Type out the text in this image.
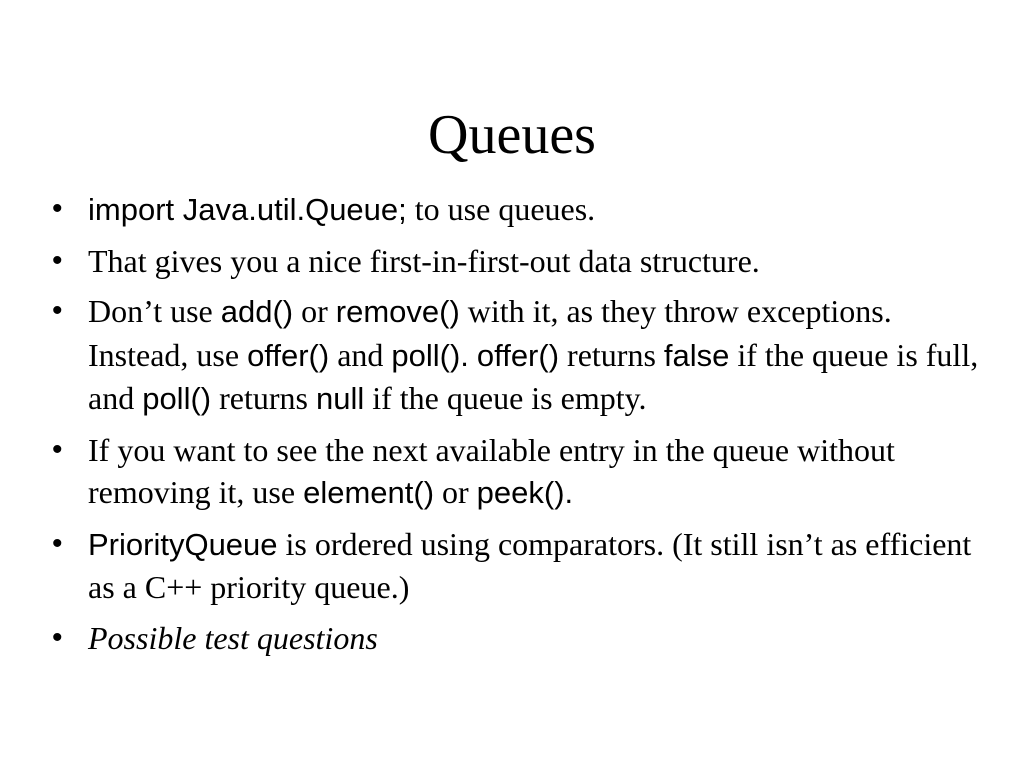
Queues
• import Java.util.Queue; to use queues.
• That gives you a nice first-in-first-out data structure.
• Don’t use add() or remove() with it, as they throw exceptions. Instead, use offer() and poll(). offer() returns false if the queue is full, and poll() returns null if the queue is empty.
• If you want to see the next available entry in the queue without removing it, use element() or peek().
• PriorityQueue is ordered using comparators. (It still isn’t as efficient as a C++ priority queue.)
• Possible test questions
